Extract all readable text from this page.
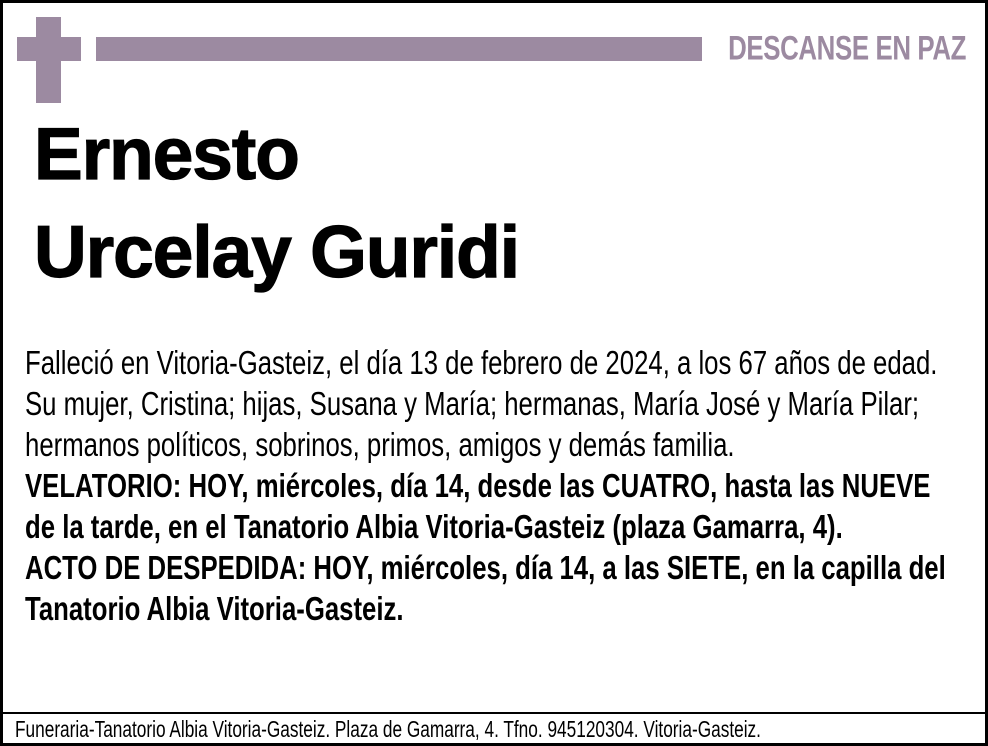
DESCANSE EN PAZ
Ernesto
Urcelay Guridi

Falleció en Vitoria-Gasteiz, el día 13 de febrero de 2024, a los 67 años de edad.

Su mujer, Cristina; hijas, Susana y María; hermanas, María José y María Pilar; hermanos políticos, sobrinos, primos, amigos y demás familia.

VELATORIO: HOY, miércoles, día 14, desde las CUATRO, hasta las NUEVE de la tarde, en el Tanatorio Albia Vitoria-Gasteiz (plaza Gamarra, 4).

ACTO DE DESPEDIDA: HOY, miércoles, día 14, a las SIETE, en la capilla del Tanatorio Albia Vitoria-Gasteiz.

Funeraria-Tanatorio Albia Vitoria-Gasteiz. Plaza de Gamarra, 4. Tfno. 945120304. Vitoria-Gasteiz.
